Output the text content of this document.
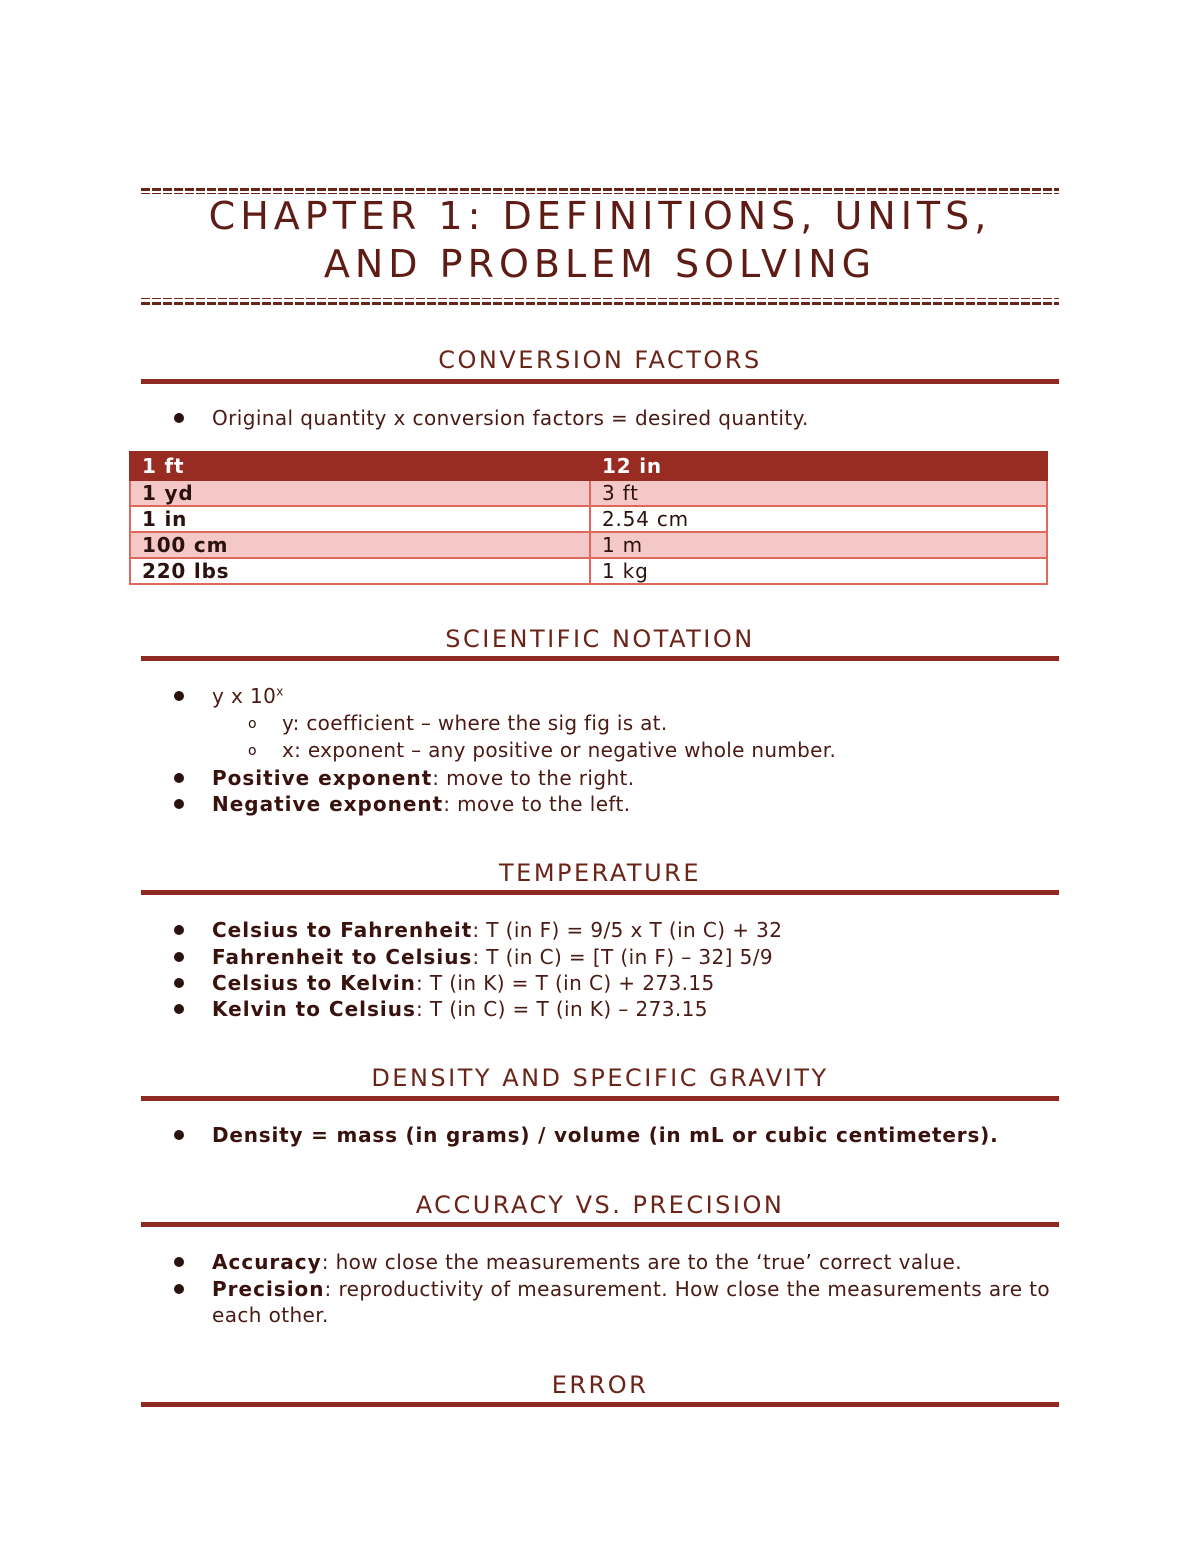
CHAPTER 1: DEFINITIONS, UNITS,
AND PROBLEM SOLVING
CONVERSION FACTORS
Original quantity x conversion factors = desired quantity.
1 ft	12 in
1 yd	3 ft
1 in	2.54 cm
100 cm	1 m
220 lbs	1 kg
SCIENTIFIC NOTATION
y x 10$^x$
o y: coefficient – where the sig fig is at.
o x: exponent – any positive or negative whole number.
Positive exponent: move to the right.
Negative exponent: move to the left.
TEMPERATURE
Celsius to Fahrenheit: T (in F) = 9/5 x T (in C) + 32
Fahrenheit to Celsius: T (in C) = [T (in F) – 32] 5/9
Celsius to Kelvin: T (in K) = T (in C) + 273.15
Kelvin to Celsius: T (in C) = T (in K) – 273.15
DENSITY AND SPECIFIC GRAVITY
Density = mass (in grams) / volume (in mL or cubic centimeters).
ACCURACY VS. PRECISION
Accuracy: how close the measurements are to the ‘true’ correct value.
Precision: reproductivity of measurement. How close the measurements are to each other.
ERROR
